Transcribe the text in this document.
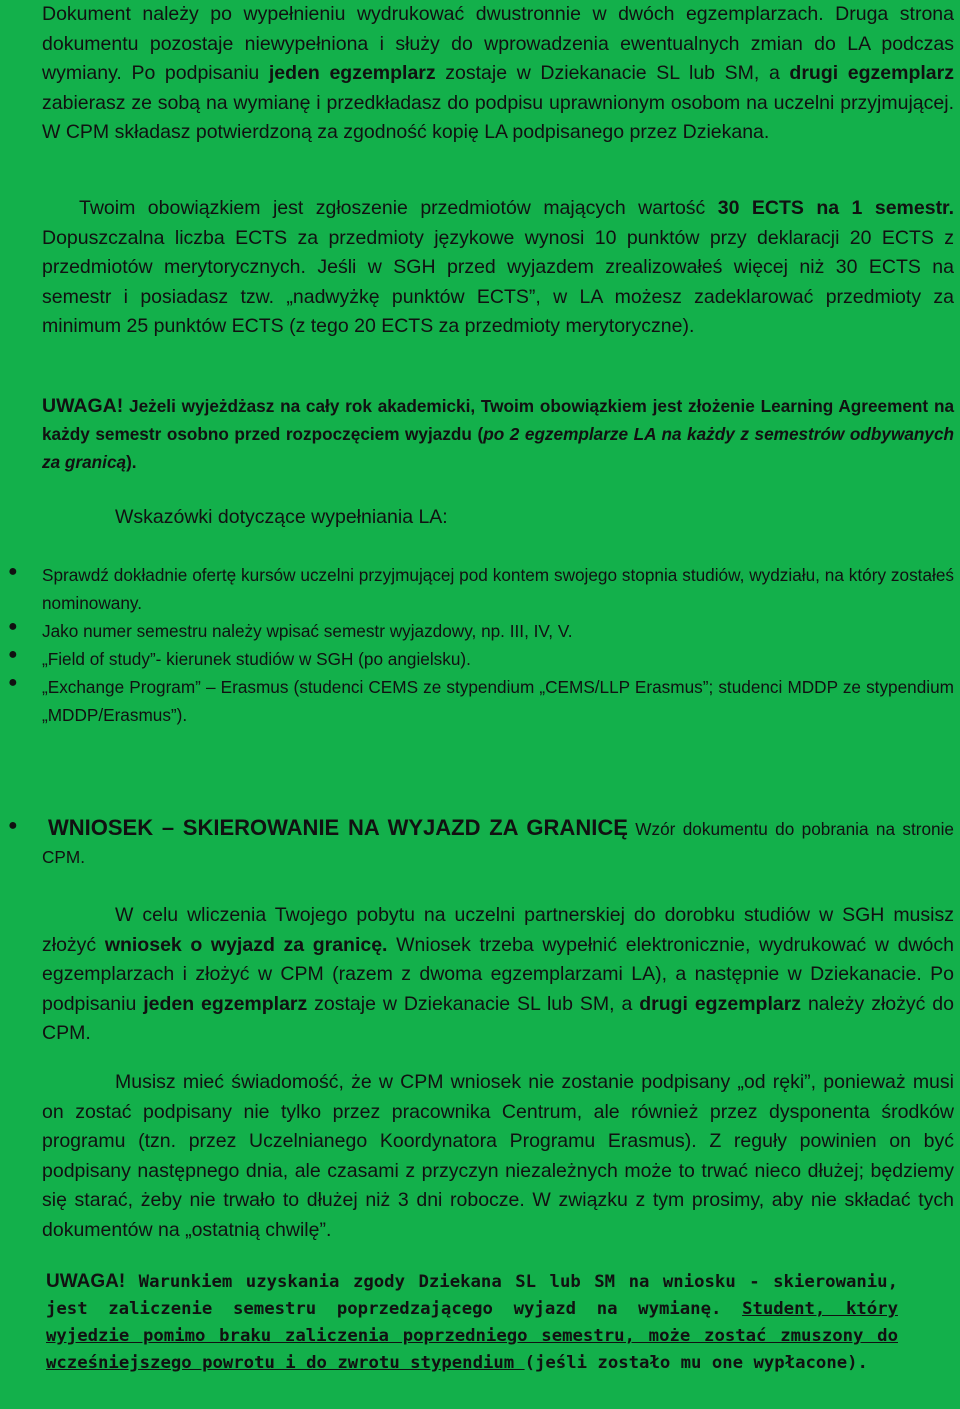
Dokument należy po wypełnieniu wydrukować dwustronnie w dwóch egzemplarzach. Druga strona dokumentu pozostaje niewypełniona i służy do wprowadzenia ewentualnych zmian do LA podczas wymiany. Po podpisaniu jeden egzemplarz zostaje w Dziekanacie SL lub SM, a drugi egzemplarz zabierasz ze sobą na wymianę i przedkładasz do podpisu uprawnionym osobom na uczelni przyjmującej. W CPM składasz potwierdzoną za zgodność kopię LA podpisanego przez Dziekana.

Twoim obowiązkiem jest zgłoszenie przedmiotów mających wartość 30 ECTS na 1 semestr. Dopuszczalna liczba ECTS za przedmioty językowe wynosi 10 punktów przy deklaracji 20 ECTS z przedmiotów merytorycznych. Jeśli w SGH przed wyjazdem zrealizowałeś więcej niż 30 ECTS na semestr i posiadasz tzw. „nadwyżkę punktów ECTS”, w LA możesz zadeklarować przedmioty za minimum 25 punktów ECTS (z tego 20 ECTS za przedmioty merytoryczne).

UWAGA! Jeżeli wyjeżdżasz na cały rok akademicki, Twoim obowiązkiem jest złożenie Learning Agreement na każdy semestr osobno przed rozpoczęciem wyjazdu (po 2 egzemplarze LA na każdy z semestrów odbywanych za granicą).

Wskazówki dotyczące wypełniania LA:
● Sprawdź dokładnie ofertę kursów uczelni przyjmującej pod kontem swojego stopnia studiów, wydziału, na który zostałeś nominowany.

● Jako numer semestru należy wpisać semestr wyjazdowy, np. III, IV, V.

● „Field of study”- kierunek studiów w SGH (po angielsku).

● „Exchange Program” – Erasmus (studenci CEMS ze stypendium „CEMS/LLP Erasmus”; studenci MDDP ze stypendium „MDDP/Erasmus”).

● WNIOSEK – SKIEROWANIE NA WYJAZD ZA GRANICĘ Wzór dokumentu do pobrania na stronie CPM.

W celu wliczenia Twojego pobytu na uczelni partnerskiej do dorobku studiów w SGH musisz złożyć wniosek o wyjazd za granicę. Wniosek trzeba wypełnić elektronicznie, wydrukować w dwóch egzemplarzach i złożyć w CPM (razem z dwoma egzemplarzami LA), a następnie w Dziekanacie. Po podpisaniu jeden egzemplarz zostaje w Dziekanacie SL lub SM, a drugi egzemplarz należy złożyć do CPM.

Musisz mieć świadomość, że w CPM wniosek nie zostanie podpisany „od ręki”, ponieważ musi on zostać podpisany nie tylko przez pracownika Centrum, ale również przez dysponenta środków programu (tzn. przez Uczelnianego Koordynatora Programu Erasmus). Z reguły powinien on być podpisany następnego dnia, ale czasami z przyczyn niezależnych może to trwać nieco dłużej; będziemy się starać, żeby nie trwało to dłużej niż 3 dni robocze. W związku z tym prosimy, aby nie składać tych dokumentów na „ostatnią chwilę”.

UWAGA! Warunkiem uzyskania zgody Dziekana SL lub SM na wniosku - skierowaniu, jest zaliczenie semestru poprzedzającego wyjazd na wymianę. Student, który wyjedzie pomimo braku zaliczenia poprzedniego semestru, może zostać zmuszony do wcześniejszego powrotu i do zwrotu stypendium (jeśli zostało mu one wypłacone).
